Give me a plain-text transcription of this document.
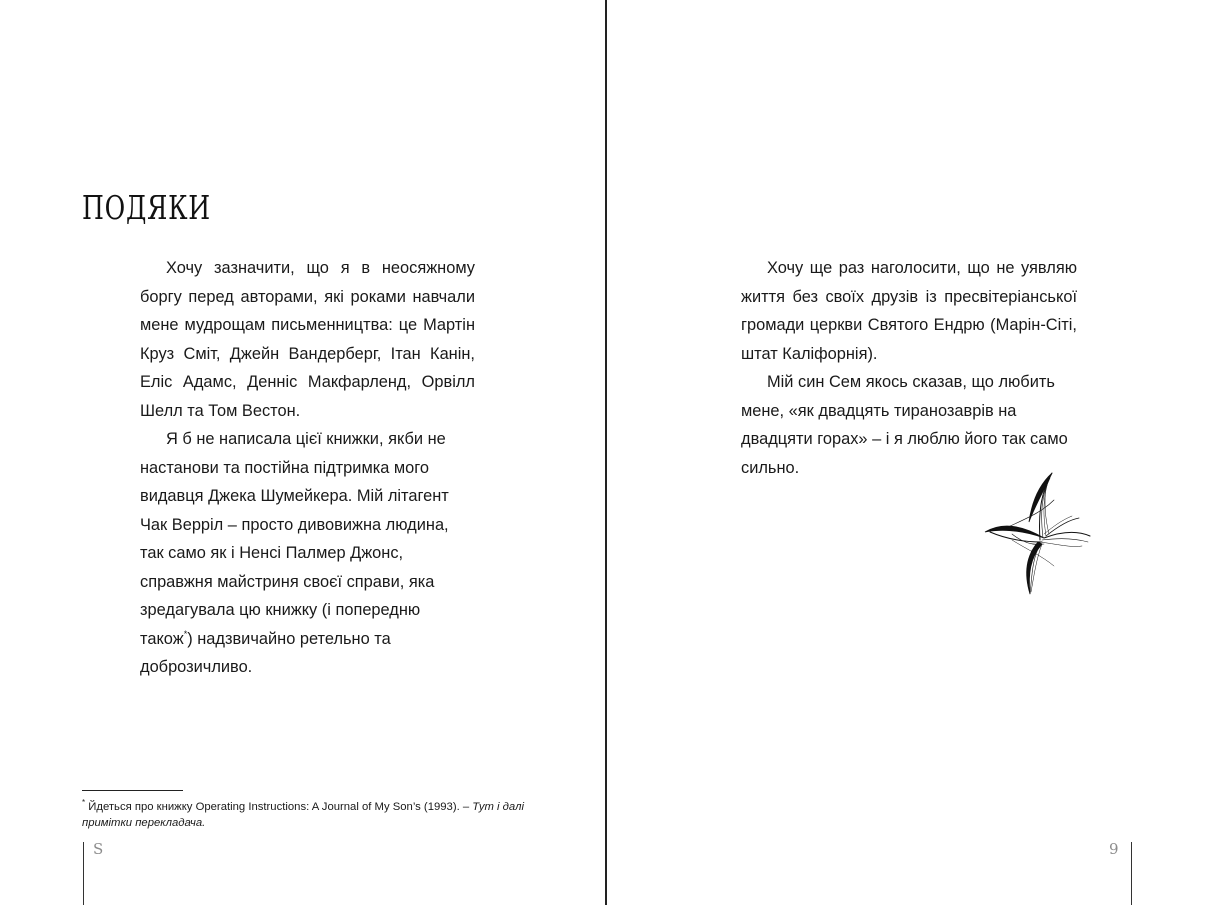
ПОДЯКИ

Хочу зазначити, що я в неосяжному боргу перед авторами, які роками навчали мене мудрощам письменництва: це Мартін Круз Сміт, Джейн Вандерберг, Ітан Канін, Еліс Адамс, Денніс Макфарленд, Орвілл Шелл та Том Вестон.

Я б не написала цієї книжки, якби не настанови та постійна підтримка мого видавця Джека Шумейкера. Мій літагент Чак Верріл – просто дивовижна людина, так само як і Ненсі Палмер Джонс, справжня майстриня своєї справи, яка зредагувала цю книжку (і попередню також*) надзвичайно ретельно та доброзичливо.

* Йдеться про книжку Operating Instructions: A Journal of My Son’s (1993). – Тут і далі примітки перекладача.

S

Хочу ще раз наголосити, що не уявляю життя без своїх друзів із пресвітеріанської громади церкви Святого Ендрю (Марін-Сіті, штат Каліфорнія).

Мій син Сем якось сказав, що любить мене, «як двадцять тиранозаврів на двадцяти горах» – і я люблю його так само сильно.

9
